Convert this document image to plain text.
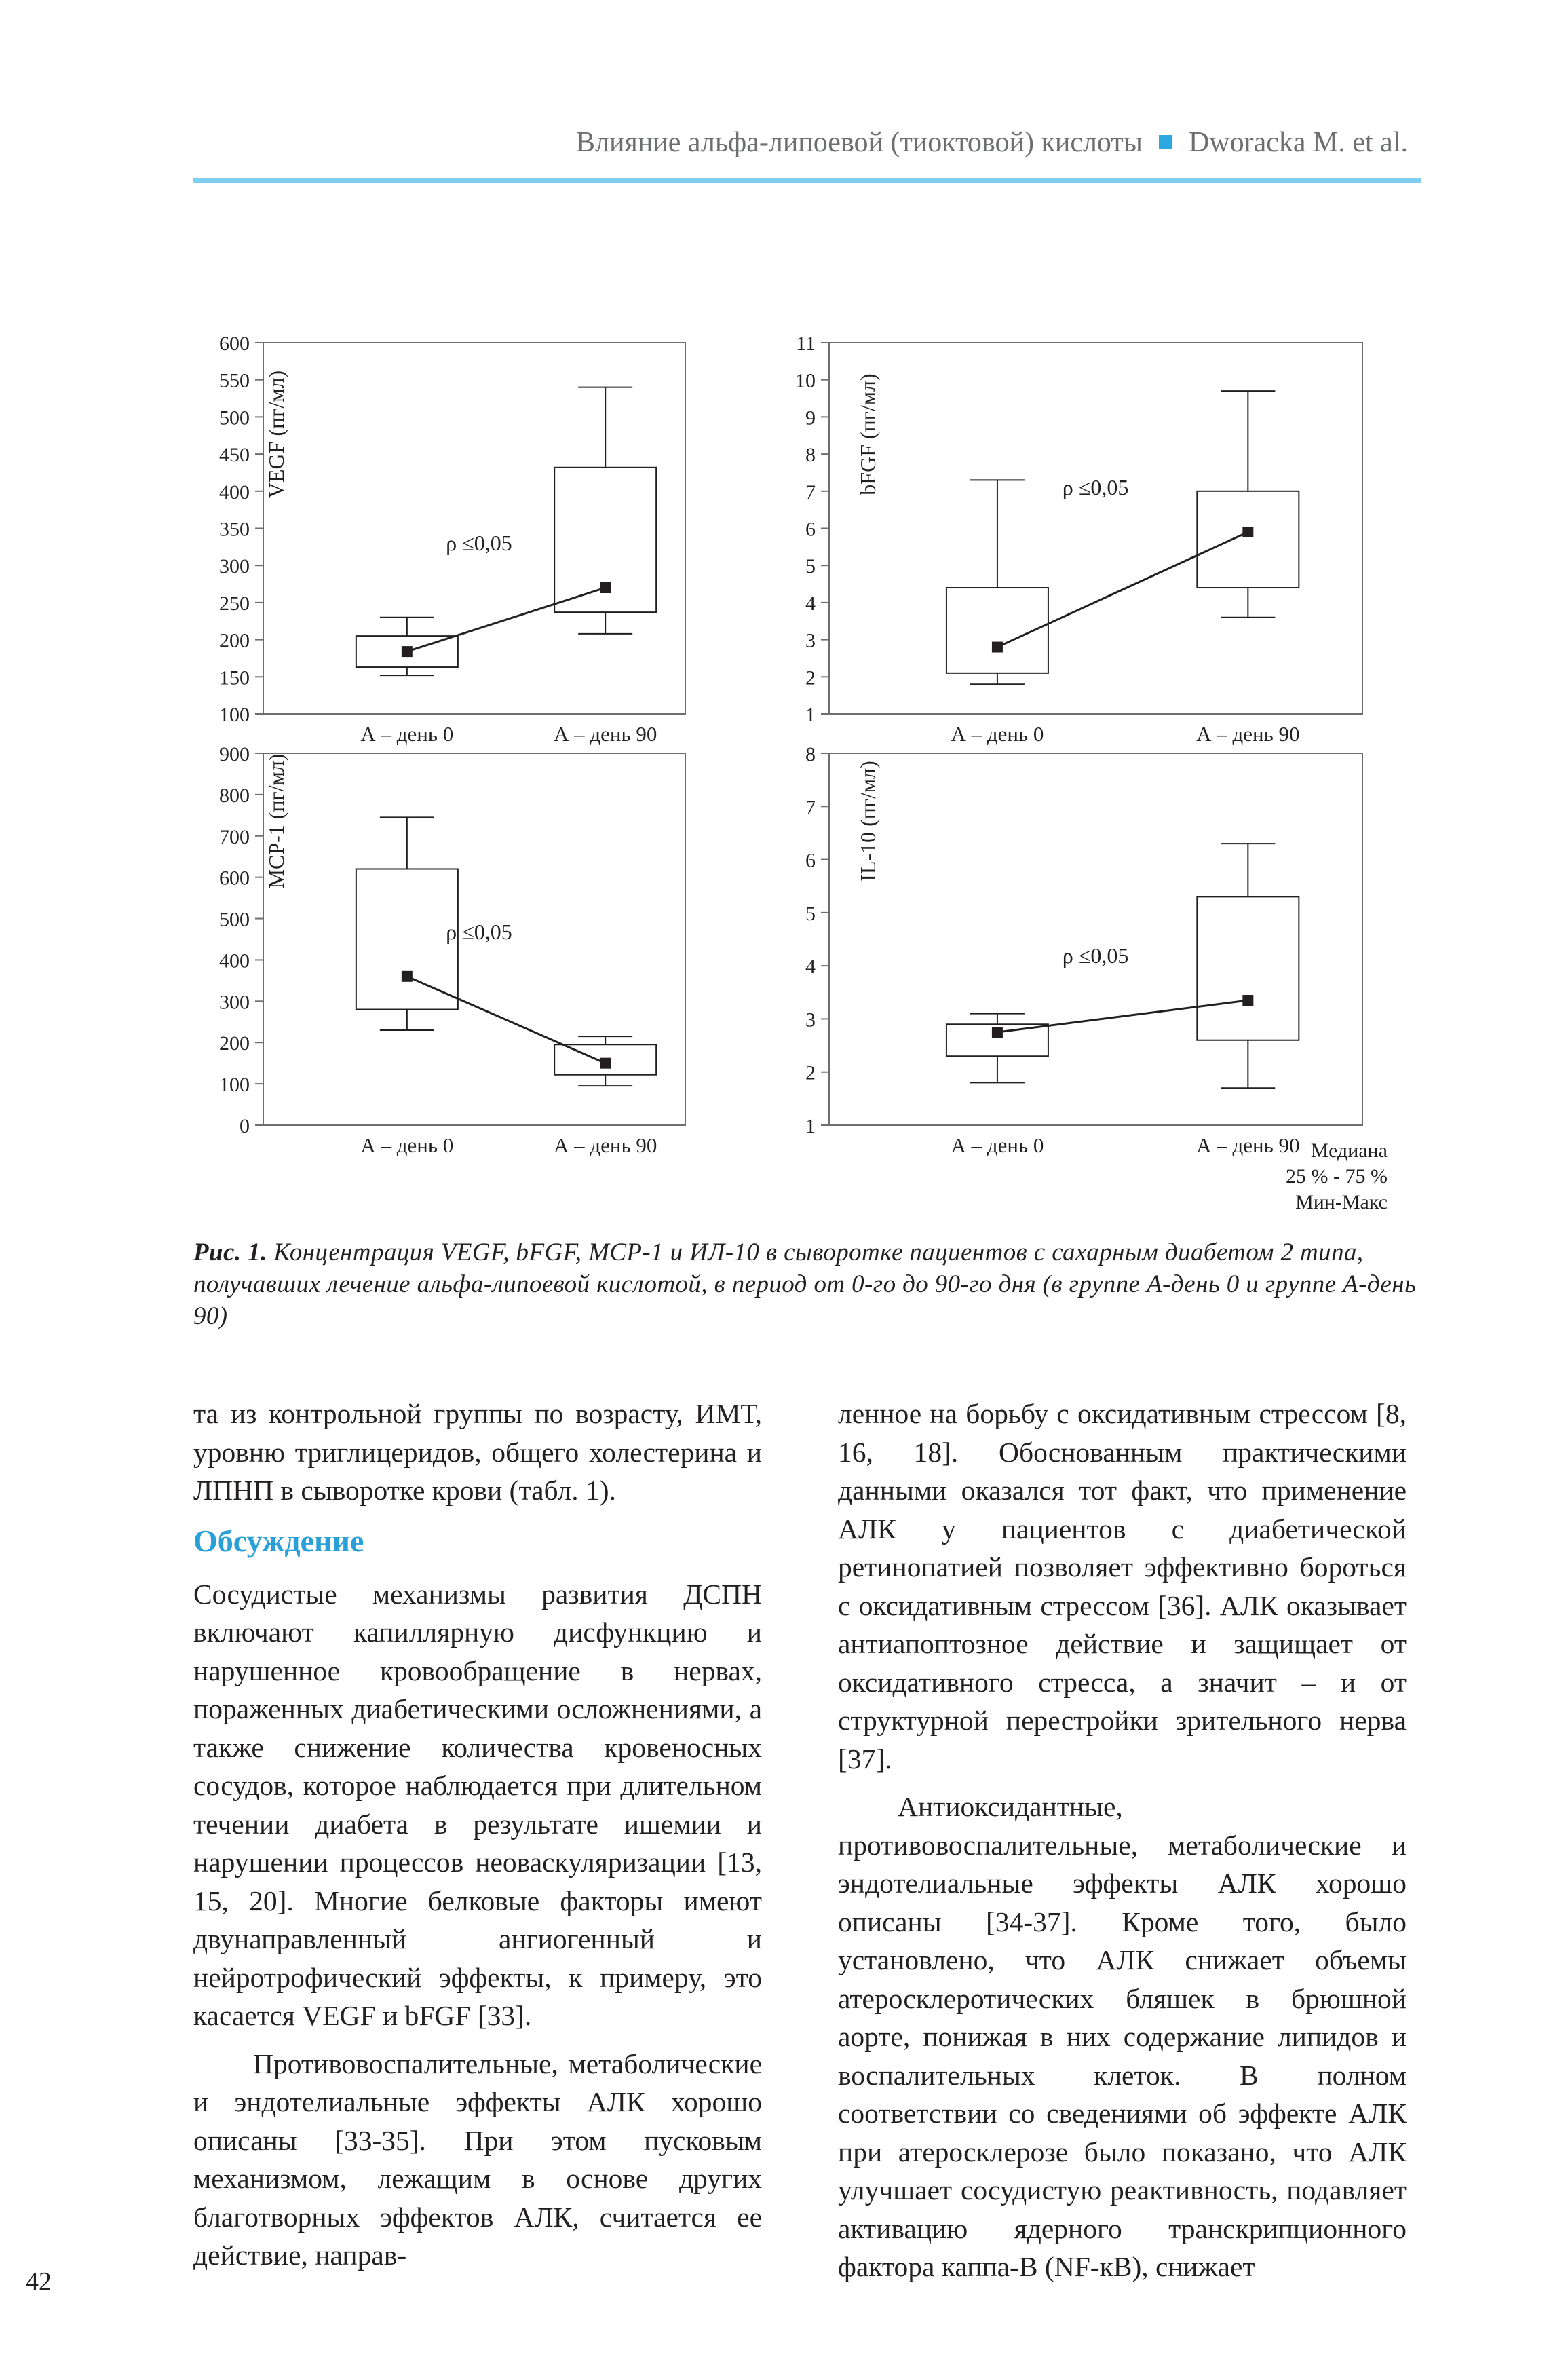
Влияние альфа-липоевой (тиоктовой) кислоты Dworacka M. et al.
100
150
200
250
300
350
400
450
500
550
600
VEGF (пг/мл)
ρ ≤0,05
А – день 0	А – день 90
1
2
3
4
5
6
7
8
9
10
11
bFGF (пг/мл)	ρ ≤0,05
А – день 0	А – день 90
0
100
200
300
400
500
600
700
800
900 MCP-1 (пг/мл)
ρ ≤0,05
А – день 0	А – день 90
1
2
3
4
5
6
7
8
IL-10 (пг/мл)
ρ ≤0,05
А – день 0	А – день 90 Медиана
25 % - 75 %
Мин-Макс
Рис. 1. Концентрация VEGF, bFGF, MCP-1 и ИЛ-10 в сыворотке пациентов с сахарным диабетом 2 типа, получавших лечение альфа-липоевой кислотой, в период от 0-го до 90-го дня (в группе А-день 0 и группе А-день 90)

та из контрольной группы по возрасту, ИМТ, уровню триглицеридов, общего холестерина и ЛПНП в сыворотке крови (табл. 1).

Обсуждение

Сосудистые механизмы развития ДСПН включают капиллярную дисфункцию и нарушенное кровообращение в нервах, пораженных диабетическими осложнениями, а также снижение количества кровеносных сосудов, которое наблюдается при длительном течении диабета в результате ишемии и нарушении процессов неоваскуляризации [13, 15, 20]. Многие белковые факторы имеют двунаправленный ангиогенный и нейротрофический эффекты, к примеру, это касается VEGF и bFGF [33].

Противовоспалительные, метаболические и эндотелиальные эффекты АЛК хорошо описаны [33-35]. При этом пусковым механизмом, лежащим в основе других благотворных эффектов АЛК, считается ее действие, направ-

ленное на борьбу с оксидативным стрессом [8, 16, 18]. Обоснованным практическими данными оказался тот факт, что применение АЛК у пациентов с диабетической ретинопатией позволяет эффективно бороться с оксидативным стрессом [36]. АЛК оказывает антиапоптозное действие и защищает от оксидативного стресса, а значит – и от структурной перестройки зрительного нерва [37].

Антиоксидантные, противовоспалительные, метаболические и эндотелиальные эффекты АЛК хорошо описаны [34-37]. Кроме того, было установлено, что АЛК снижает объемы атеросклеротических бляшек в брюшной аорте, понижая в них содержание липидов и воспалительных клеток. В полном соответствии со сведениями об эффекте АЛК при атеросклерозе было показано, что АЛК улучшает сосудистую реактивность, подавляет активацию ядерного транскрипционного фактора каппа-B (NF-кB), снижает

42
